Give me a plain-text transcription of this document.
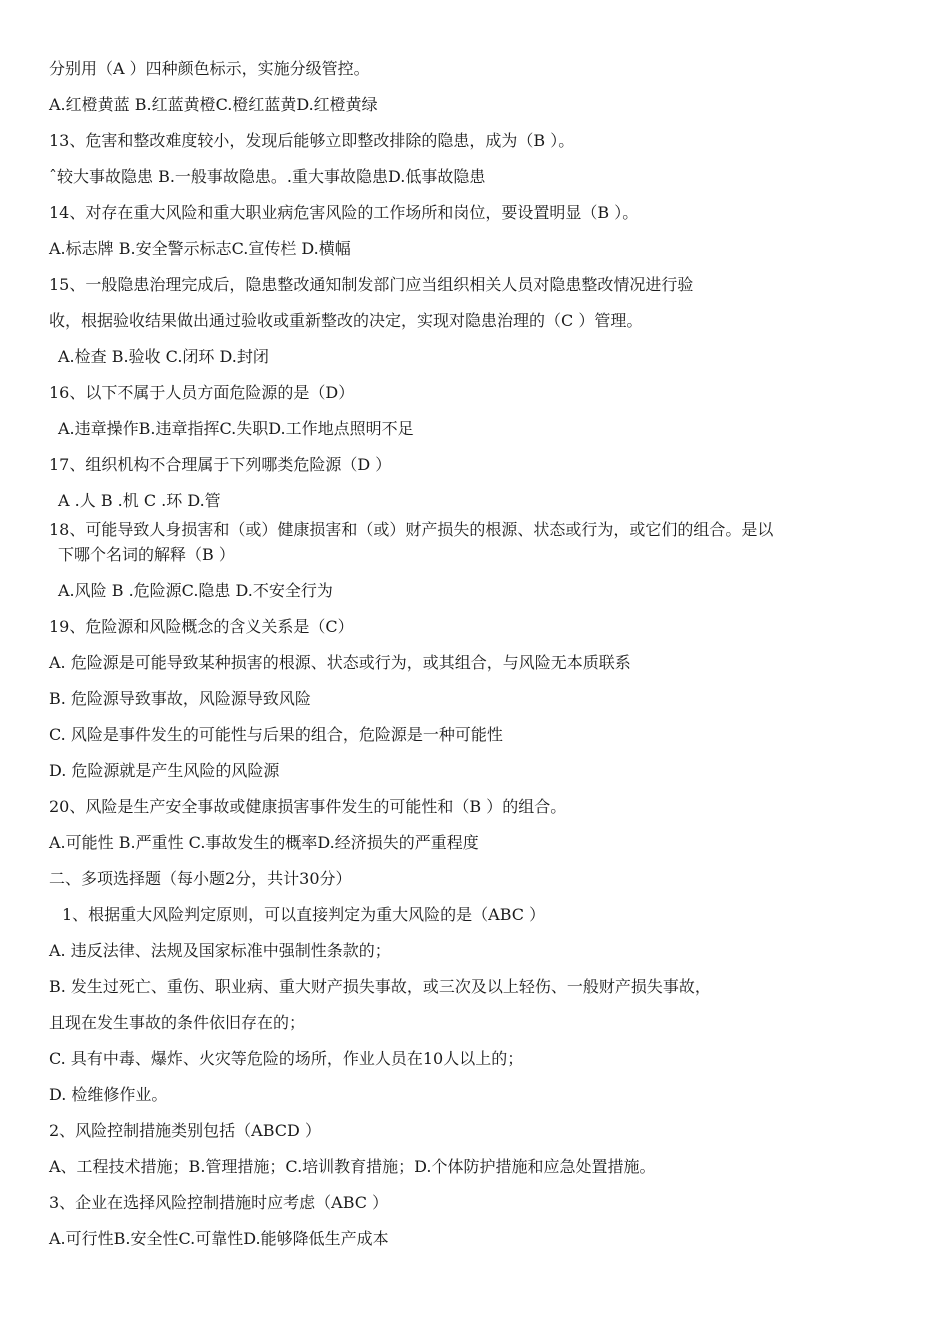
分别用（A ）四种颜色标示，实施分级管控。
A.红橙黄蓝 B.红蓝黄橙C.橙红蓝黄D.红橙黄绿
13、危害和整改难度较小，发现后能够立即整改排除的隐患，成为（B ）。
ˆ较大事故隐患 B.一般事故隐患。.重大事故隐患D.低事故隐患
14、对存在重大风险和重大职业病危害风险的工作场所和岗位，要设置明显（B ）。
A.标志牌 B.安全警示标志C.宣传栏 D.横幅
15、一般隐患治理完成后，隐患整改通知制发部门应当组织相关人员对隐患整改情况进行验
收，根据验收结果做出通过验收或重新整改的决定，实现对隐患治理的（C ）管理。
A.检查 B.验收 C.闭环 D.封闭
16、以下不属于人员方面危险源的是（D）
A.违章操作B.违章指挥C.失职D.工作地点照明不足
17、组织机构不合理属于下列哪类危险源（D ）
A .人 B .机 C .环 D.管
18、可能导致人身损害和（或）健康损害和（或）财产损失的根源、状态或行为，或它们的组合。是以
下哪个名词的解释（B ）
A.风险 B .危险源C.隐患 D.不安全行为
19、危险源和风险概念的含义关系是（C）
A. 危险源是可能导致某种损害的根源、状态或行为，或其组合，与风险无本质联系
B. 危险源导致事故，风险源导致风险
C. 风险是事件发生的可能性与后果的组合，危险源是一种可能性
D. 危险源就是产生风险的风险源
20、风险是生产安全事故或健康损害事件发生的可能性和（B ）的组合。
A.可能性 B.严重性 C.事故发生的概率D.经济损失的严重程度
二、多项选择题（每小题2分，共计30分）
1、根据重大风险判定原则，可以直接判定为重大风险的是（ABC ）
A. 违反法律、法规及国家标准中强制性条款的；
B. 发生过死亡、重伤、职业病、重大财产损失事故，或三次及以上轻伤、一般财产损失事故，
且现在发生事故的条件依旧存在的；
C. 具有中毒、爆炸、火灾等危险的场所，作业人员在10人以上的；
D. 检维修作业。
2、风险控制措施类别包括（ABCD ）
A、工程技术措施；B.管理措施；C.培训教育措施；D.个体防护措施和应急处置措施。
3、企业在选择风险控制措施时应考虑（ABC ）
A.可行性B.安全性C.可靠性D.能够降低生产成本
